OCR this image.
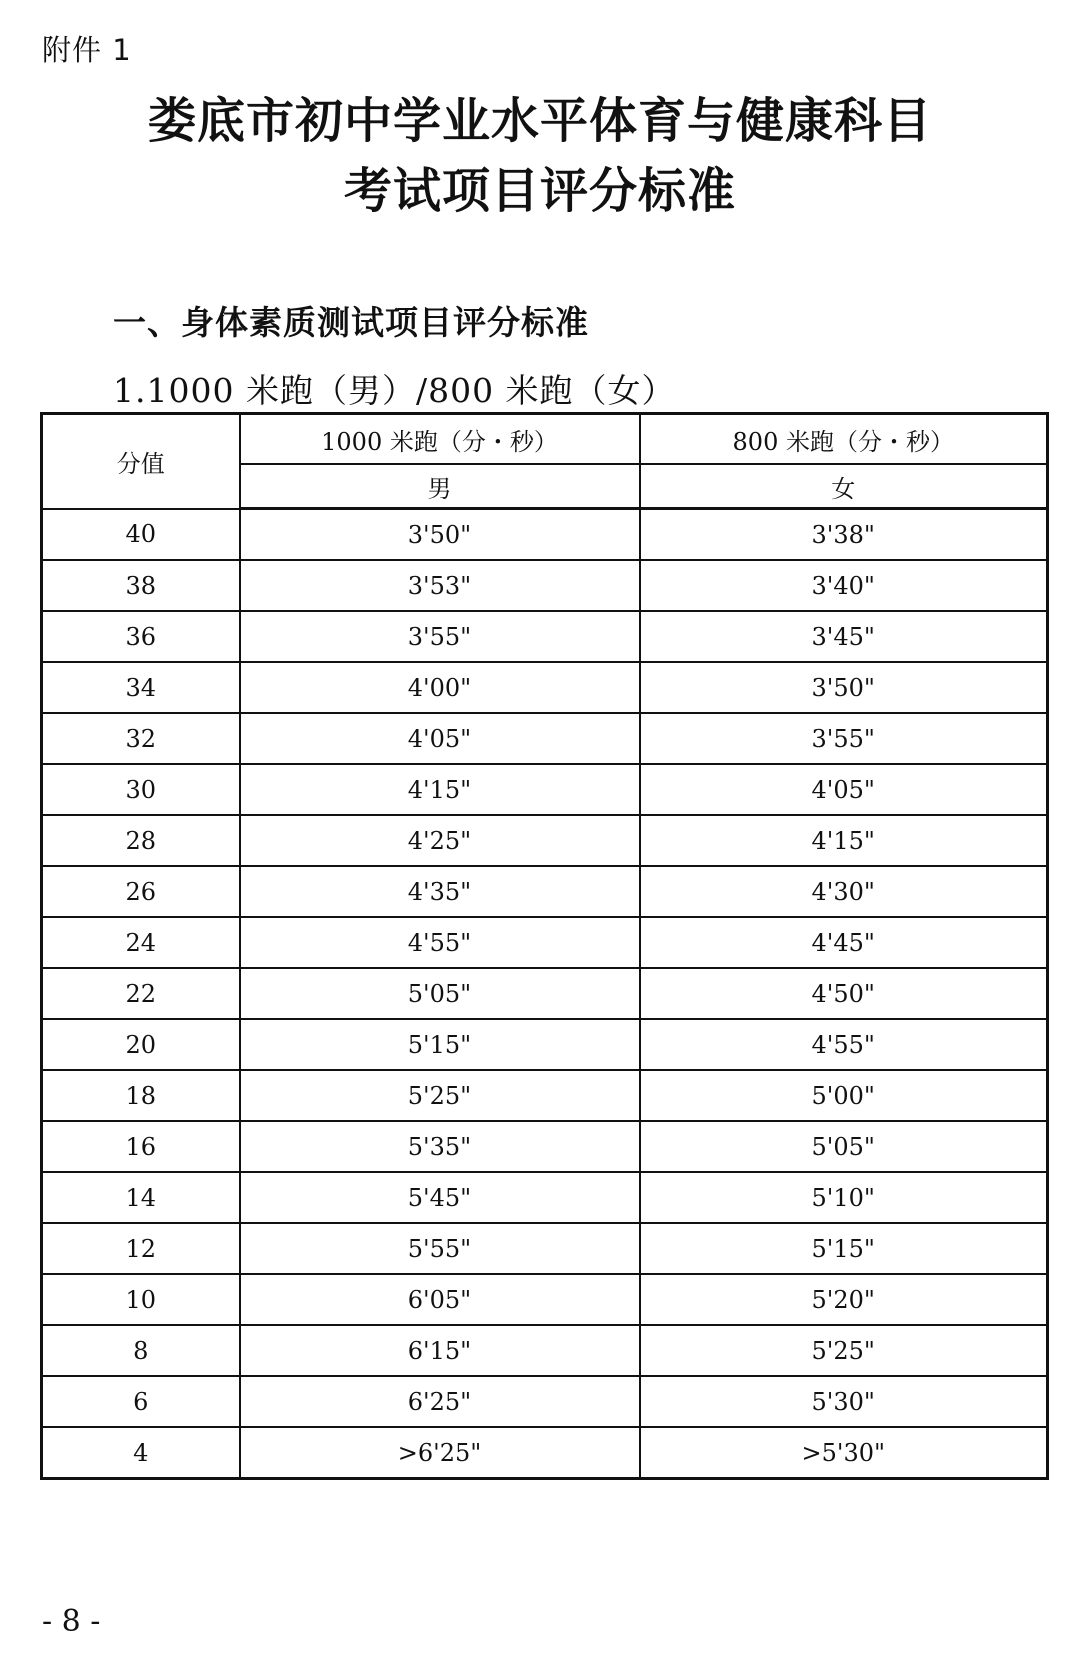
附件 1
娄底市初中学业水平体育与健康科目
考试项目评分标准
一、身体素质测试项目评分标准
1.1000 米跑（男）/800 米跑（女）
分值	1000 米跑（分・秒）	800 米跑（分・秒）
	男	女
40	3'50"	3'38"
38	3'53"	3'40"
36	3'55"	3'45"
34	4'00"	3'50"
32	4'05"	3'55"
30	4'15"	4'05"
28	4'25"	4'15"
26	4'35"	4'30"
24	4'55"	4'45"
22	5'05"	4'50"
20	5'15"	4'55"
18	5'25"	5'00"
16	5'35"	5'05"
14	5'45"	5'10"
12	5'55"	5'15"
10	6'05"	5'20"
8	6'15"	5'25"
6	6'25"	5'30"
4	>6'25"	>5'30"
- 8 -
